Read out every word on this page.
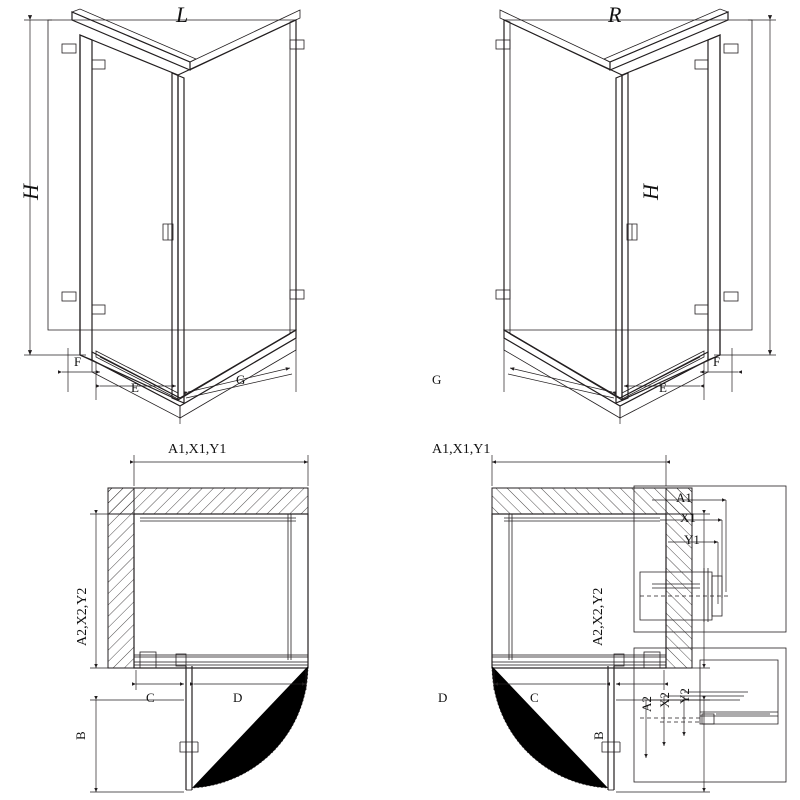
L	R
H	H
F
E
G
F
E
G
A1,X1,Y1	A1,X1,Y1
A2,X2,Y2	A2,X2,Y2
C	D
B
C
D
B
A1
X1
Y1
A2 X2 Y2
